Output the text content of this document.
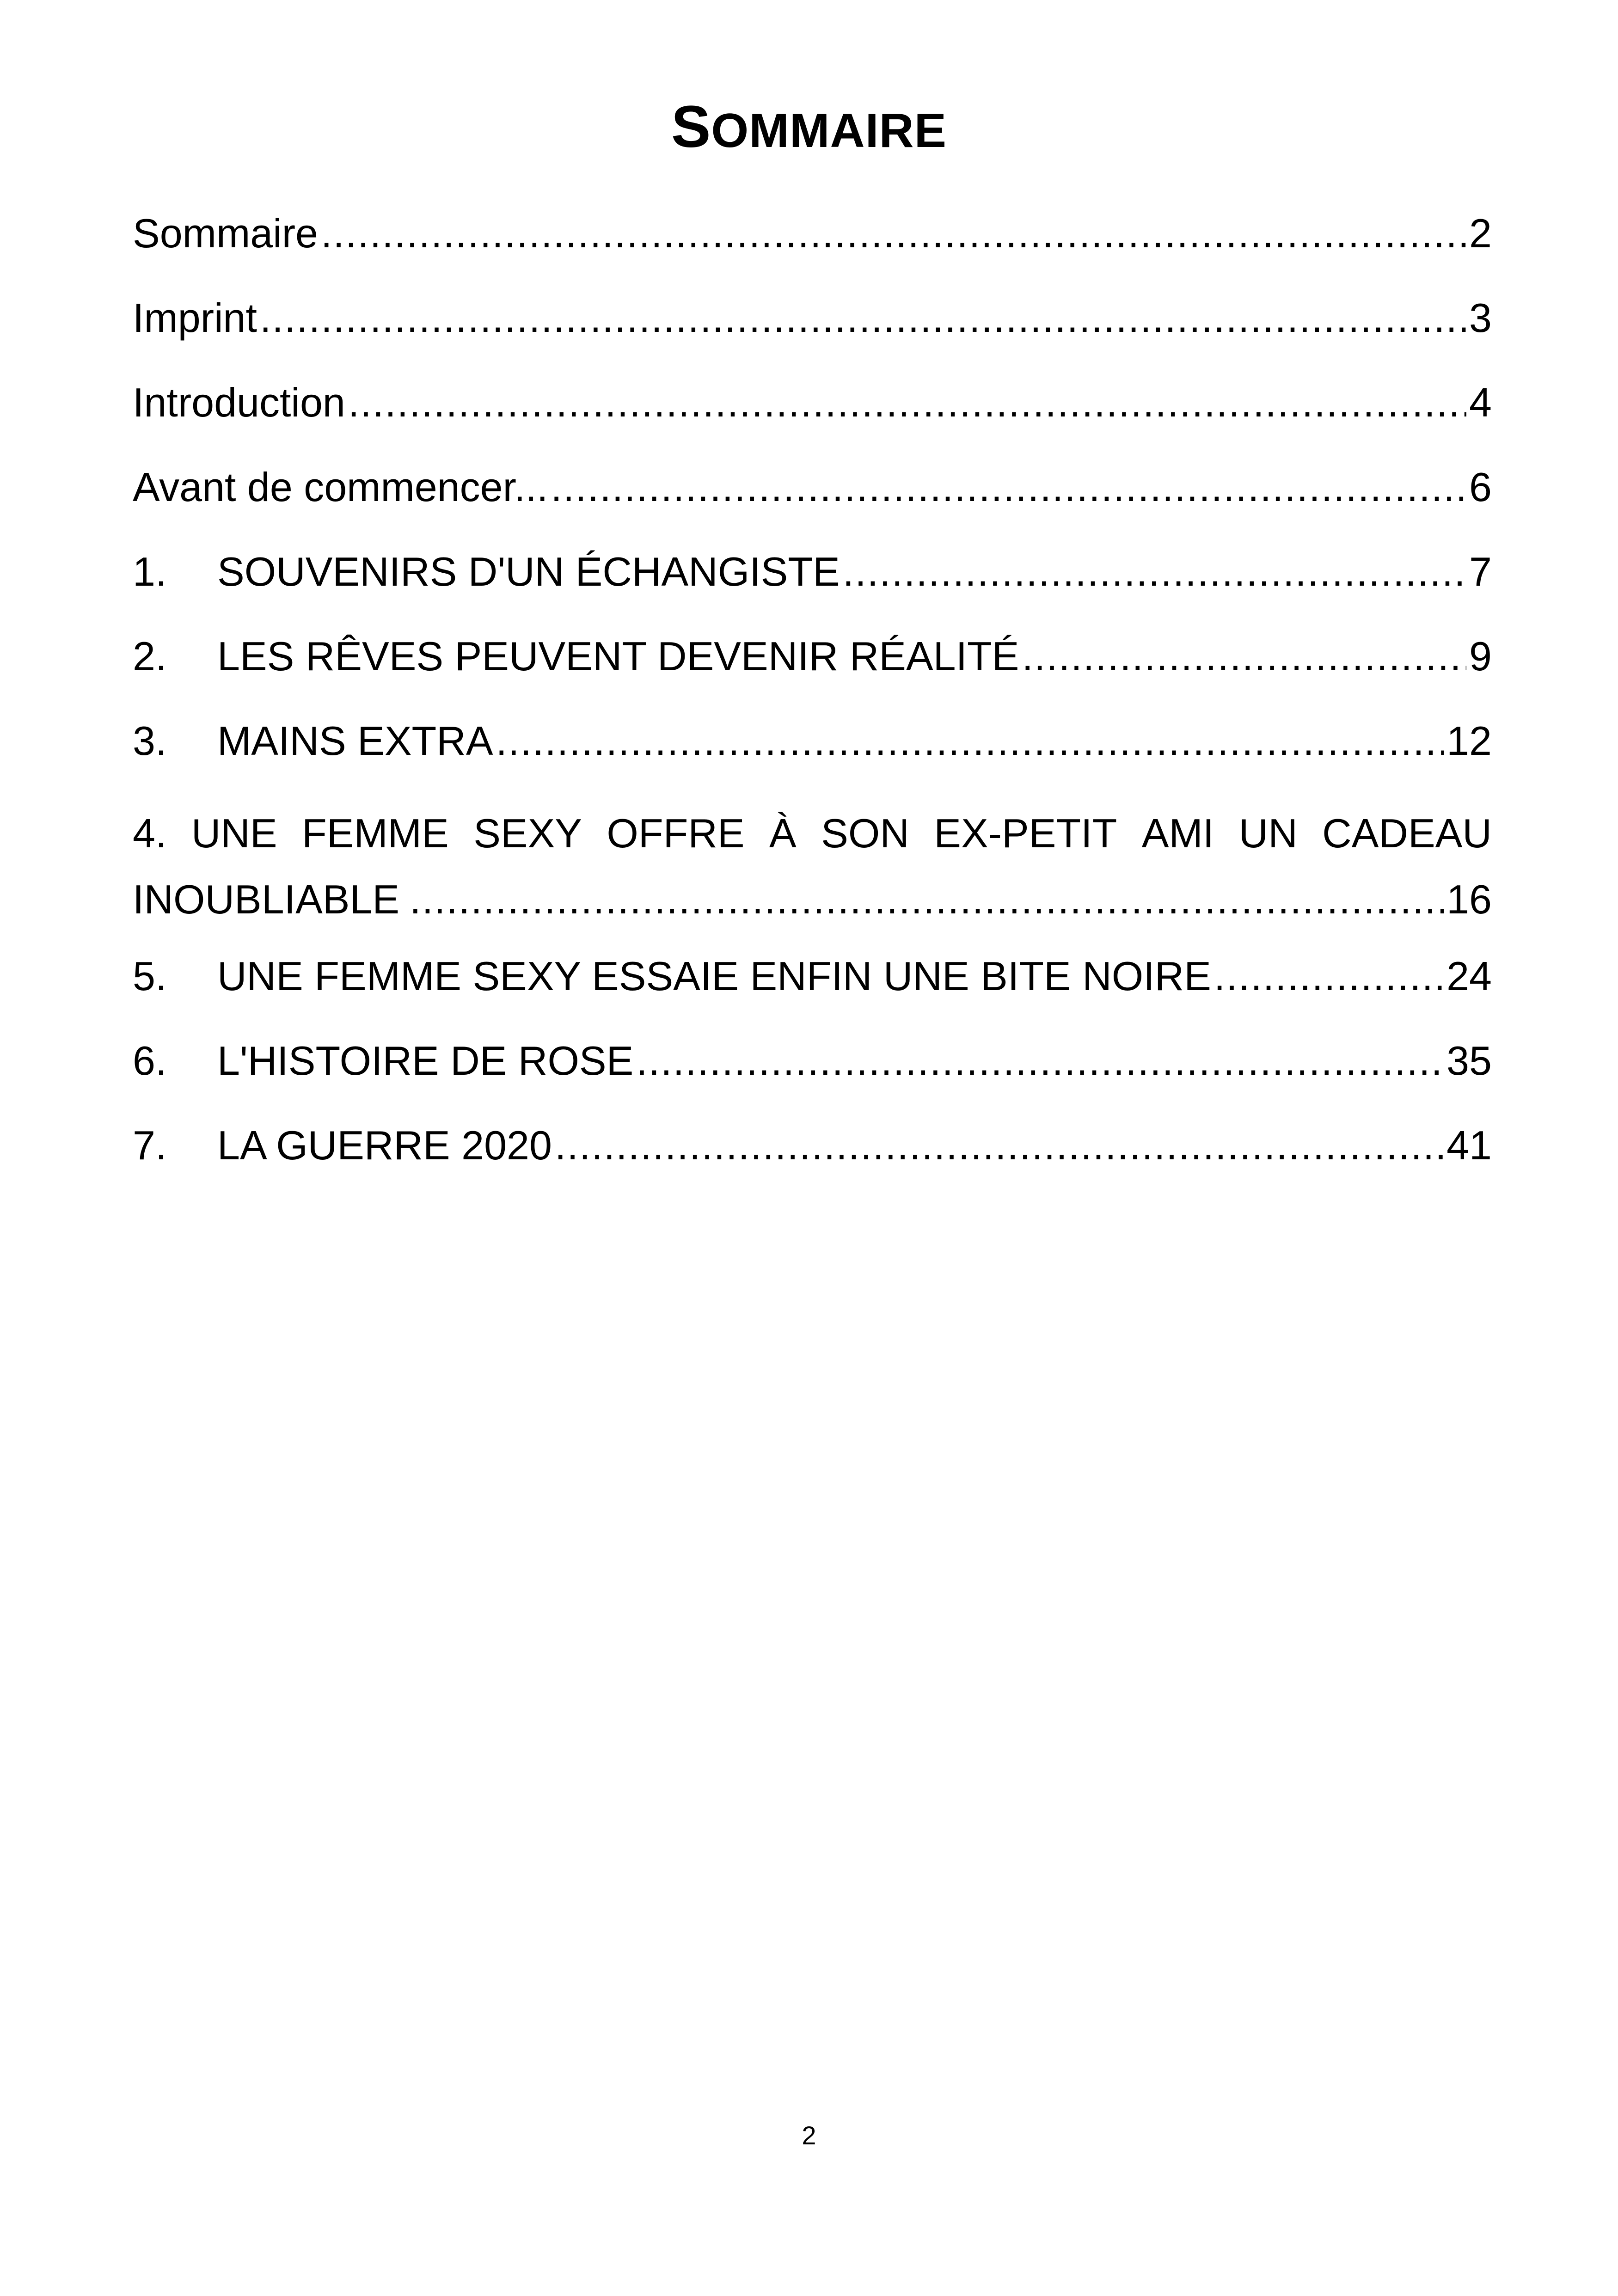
SOMMAIRE
Sommaire .....	2
Imprint .....	3
Introduction .....	4
Avant de commencer... .....	6
1.	SOUVENIRS D'UN ÉCHANGISTE .....	7
2.	LES RÊVES PEUVENT DEVENIR RÉALITÉ .....	9
3.	MAINS EXTRA .....	12
4. UNE FEMME SEXY OFFRE À SON EX-PETIT AMI UN CADEAU
INOUBLIABLE .....	16
5.	UNE FEMME SEXY ESSAIE ENFIN UNE BITE NOIRE .....	24
6.	L'HISTOIRE DE ROSE .....	35
7.	LA GUERRE 2020 .....	41
2
